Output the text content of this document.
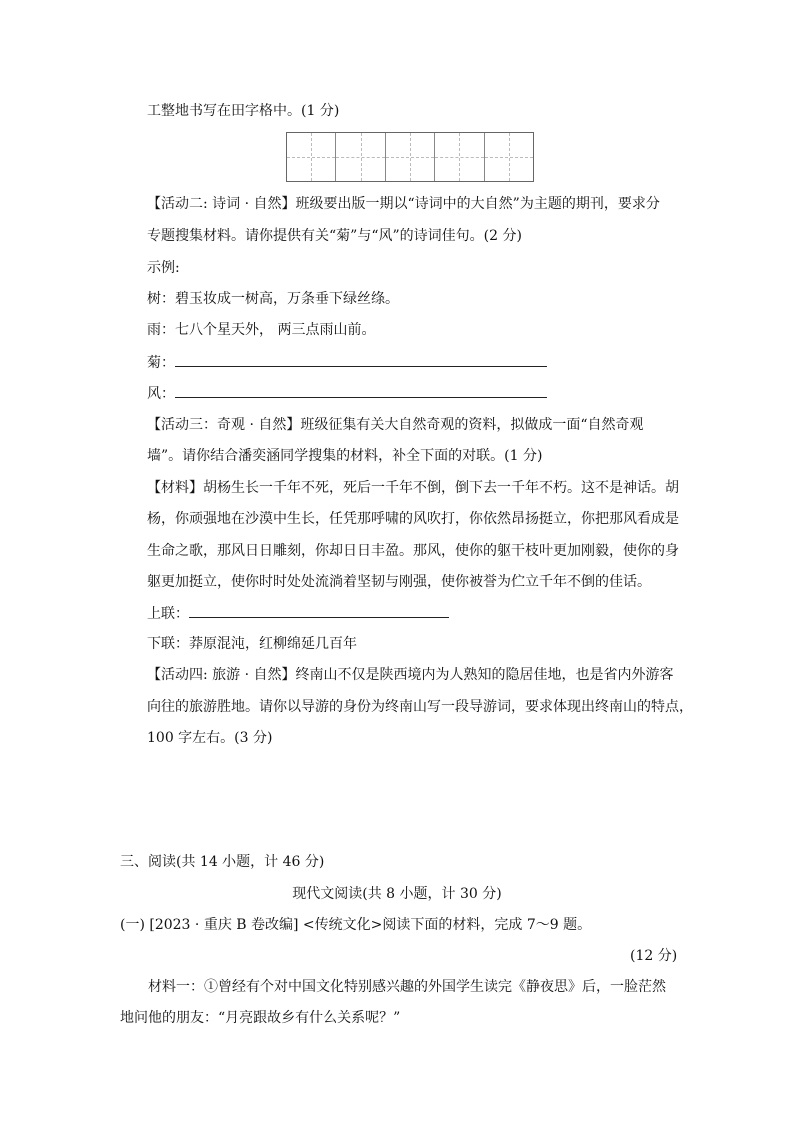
工整地书写在田字格中。(1 分)
【活动二: 诗词 · 自然】班级要出版一期以“诗词中的大自然”为主题的期刊，要求分
专题搜集材料。请你提供有关“菊”与“风”的诗词佳句。(2 分)
示例:
树：碧玉妆成一树高，万条垂下绿丝绦。
雨：七八个星天外， 两三点雨山前。
菊：
风：
【活动三：奇观 · 自然】班级征集有关大自然奇观的资料，拟做成一面“自然奇观
墙”。请你结合潘奕涵同学搜集的材料，补全下面的对联。(1 分)
【材料】胡杨生长一千年不死，死后一千年不倒，倒下去一千年不朽。这不是神话。胡
杨，你顽强地在沙漠中生长，任凭那呼啸的风吹打，你依然昂扬挺立，你把那风看成是
生命之歌，那风日日雕刻，你却日日丰盈。那风，使你的躯干枝叶更加刚毅，使你的身
躯更加挺立，使你时时处处流淌着坚韧与刚强，使你被誉为伫立千年不倒的佳话。
上联：
下联：莽原混沌，红柳绵延几百年
【活动四: 旅游 · 自然】终南山不仅是陕西境内为人熟知的隐居佳地，也是省内外游客
向往的旅游胜地。请你以导游的身份为终南山写一段导游词，要求体现出终南山的特点，
100 字左右。(3 分)
三、阅读(共 14 小题，计 46 分)
现代文阅读(共 8 小题，计 30 分)
(一) [2023 · 重庆 B 卷改编] <传统文化>阅读下面的材料，完成 7～9 题。
(12 分)
材料一：①曾经有个对中国文化特别感兴趣的外国学生读完《静夜思》后，一脸茫然
地问他的朋友：“月亮跟故乡有什么关系呢？”
